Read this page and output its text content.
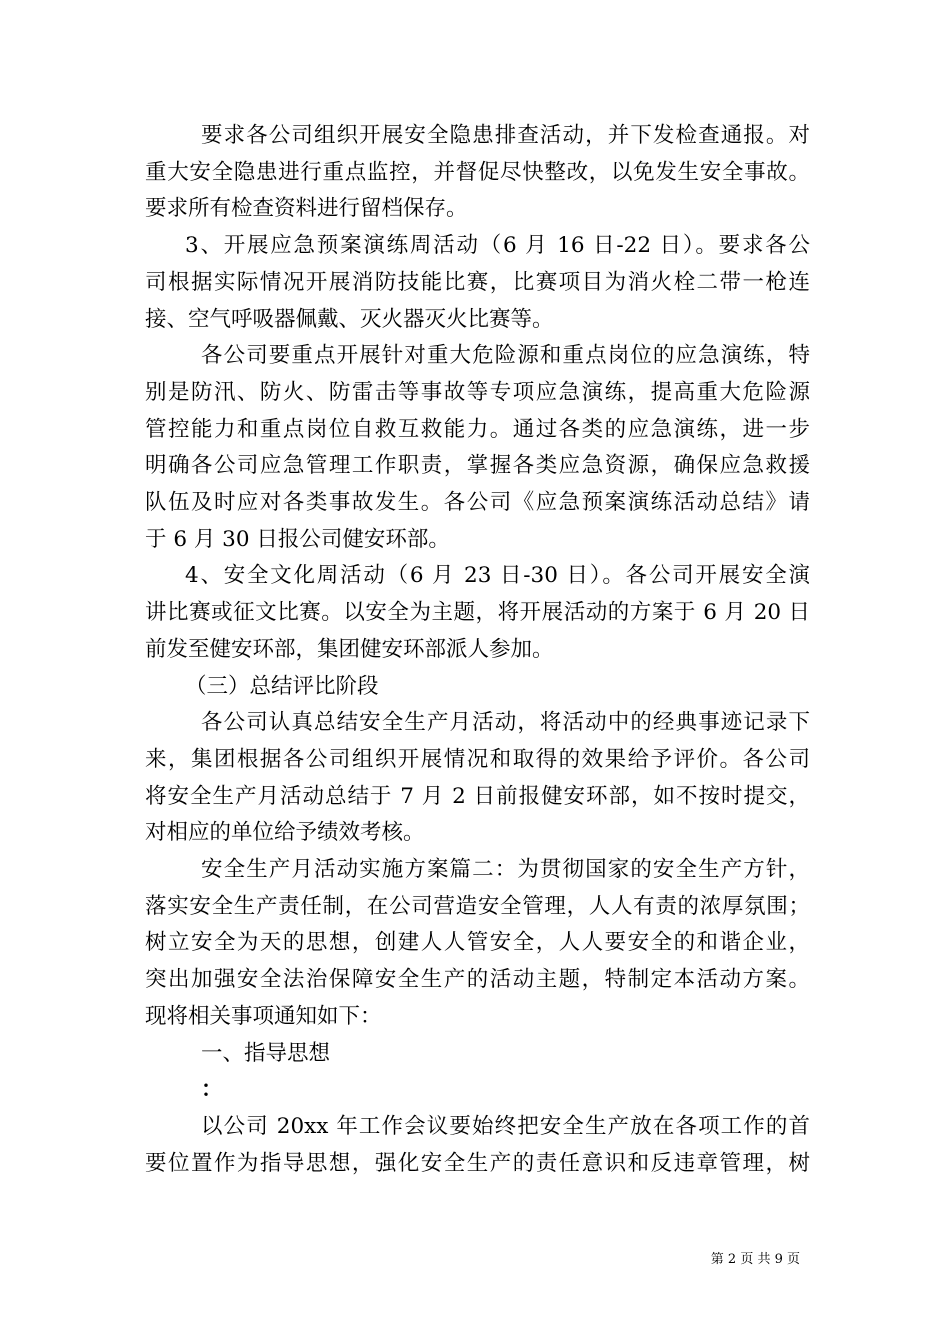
要求各公司组织开展安全隐患排查活动，并下发检查通报。对
重大安全隐患进行重点监控，并督促尽快整改，以免发生安全事故。
要求所有检查资料进行留档保存。

3、开展应急预案演练周活动（6 月 16 日-22 日）。要求各公
司根据实际情况开展消防技能比赛，比赛项目为消火栓二带一枪连
接、空气呼吸器佩戴、灭火器灭火比赛等。

各公司要重点开展针对重大危险源和重点岗位的应急演练，特
别是防汛、防火、防雷击等事故等专项应急演练，提高重大危险源
管控能力和重点岗位自救互救能力。通过各类的应急演练，进一步
明确各公司应急管理工作职责，掌握各类应急资源，确保应急救援
队伍及时应对各类事故发生。各公司《应急预案演练活动总结》请
于 6 月 30 日报公司健安环部。

4、安全文化周活动（6 月 23 日-30 日）。各公司开展安全演
讲比赛或征文比赛。以安全为主题，将开展活动的方案于 6 月 20 日
前发至健安环部，集团健安环部派人参加。

（三）总结评比阶段

各公司认真总结安全生产月活动，将活动中的经典事迹记录下
来，集团根据各公司组织开展情况和取得的效果给予评价。各公司
将安全生产月活动总结于 7 月 2 日前报健安环部，如不按时提交，
对相应的单位给予绩效考核。

安全生产月活动实施方案篇二：为贯彻国家的安全生产方针，
落实安全生产责任制，在公司营造安全管理，人人有责的浓厚氛围；
树立安全为天的思想，创建人人管安全，人人要安全的和谐企业，
突出加强安全法治保障安全生产的活动主题，特制定本活动方案。
现将相关事项通知如下：

一、指导思想

：

以公司 20xx 年工作会议要始终把安全生产放在各项工作的首
要位置作为指导思想，强化安全生产的责任意识和反违章管理，树

第 2 页 共 9 页
